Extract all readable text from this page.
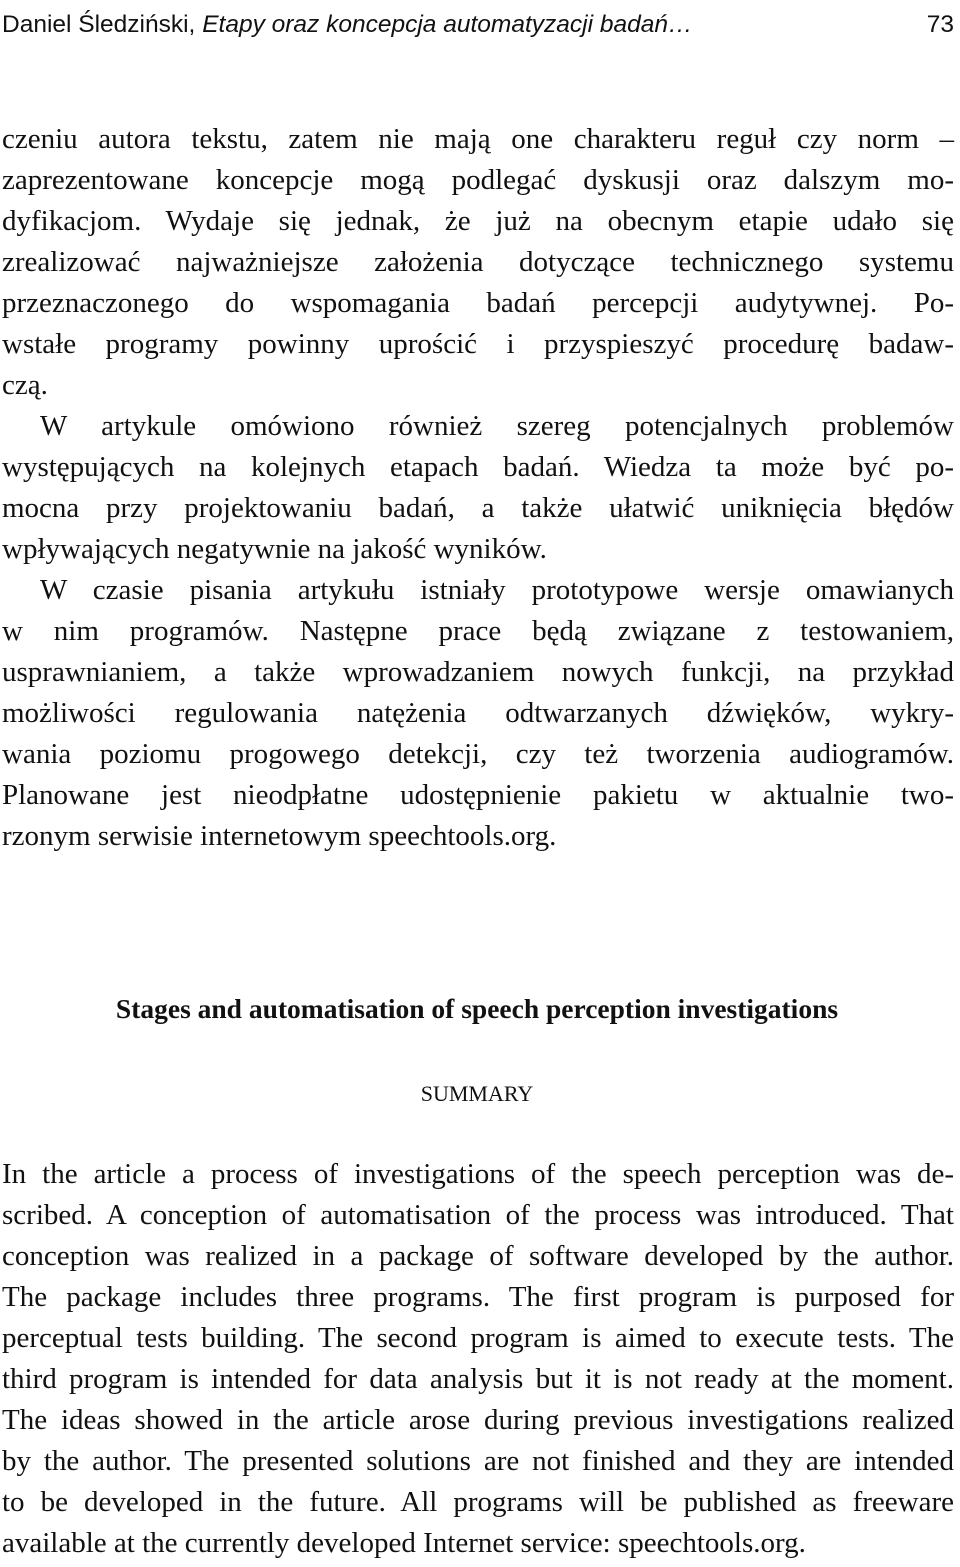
Daniel Śledziński, Etapy oraz koncepcja automatyzacji badań…	73
czeniu autora tekstu, zatem nie mają one charakteru reguł czy norm –
zaprezentowane koncepcje mogą podlegać dyskusji oraz dalszym mo-
dyfikacjom. Wydaje się jednak, że już na obecnym etapie udało się
zrealizować najważniejsze założenia dotyczące technicznego systemu
przeznaczonego do wspomagania badań percepcji audytywnej. Po-
wstałe programy powinny uprościć i przyspieszyć procedurę badaw-
czą.
W artykule omówiono również szereg potencjalnych problemów
występujących na kolejnych etapach badań. Wiedza ta może być po-
mocna przy projektowaniu badań, a także ułatwić uniknięcia błędów
wpływających negatywnie na jakość wyników.
W czasie pisania artykułu istniały prototypowe wersje omawianych
w nim programów. Następne prace będą związane z testowaniem,
usprawnianiem, a także wprowadzaniem nowych funkcji, na przykład
możliwości regulowania natężenia odtwarzanych dźwięków, wykry-
wania poziomu progowego detekcji, czy też tworzenia audiogramów.
Planowane jest nieodpłatne udostępnienie pakietu w aktualnie two-
rzonym serwisie internetowym speechtools.org.
Stages and automatisation of speech perception investigations
SUMMARY
In the article a process of investigations of the speech perception was de-
scribed. A conception of automatisation of the process was introduced. That
conception was realized in a package of software developed by the author.
The package includes three programs. The first program is purposed for
perceptual tests building. The second program is aimed to execute tests. The
third program is intended for data analysis but it is not ready at the moment.
The ideas showed in the article arose during previous investigations realized
by the author. The presented solutions are not finished and they are intended
to be developed in the future. All programs will be published as freeware
available at the currently developed Internet service: speechtools.org.
